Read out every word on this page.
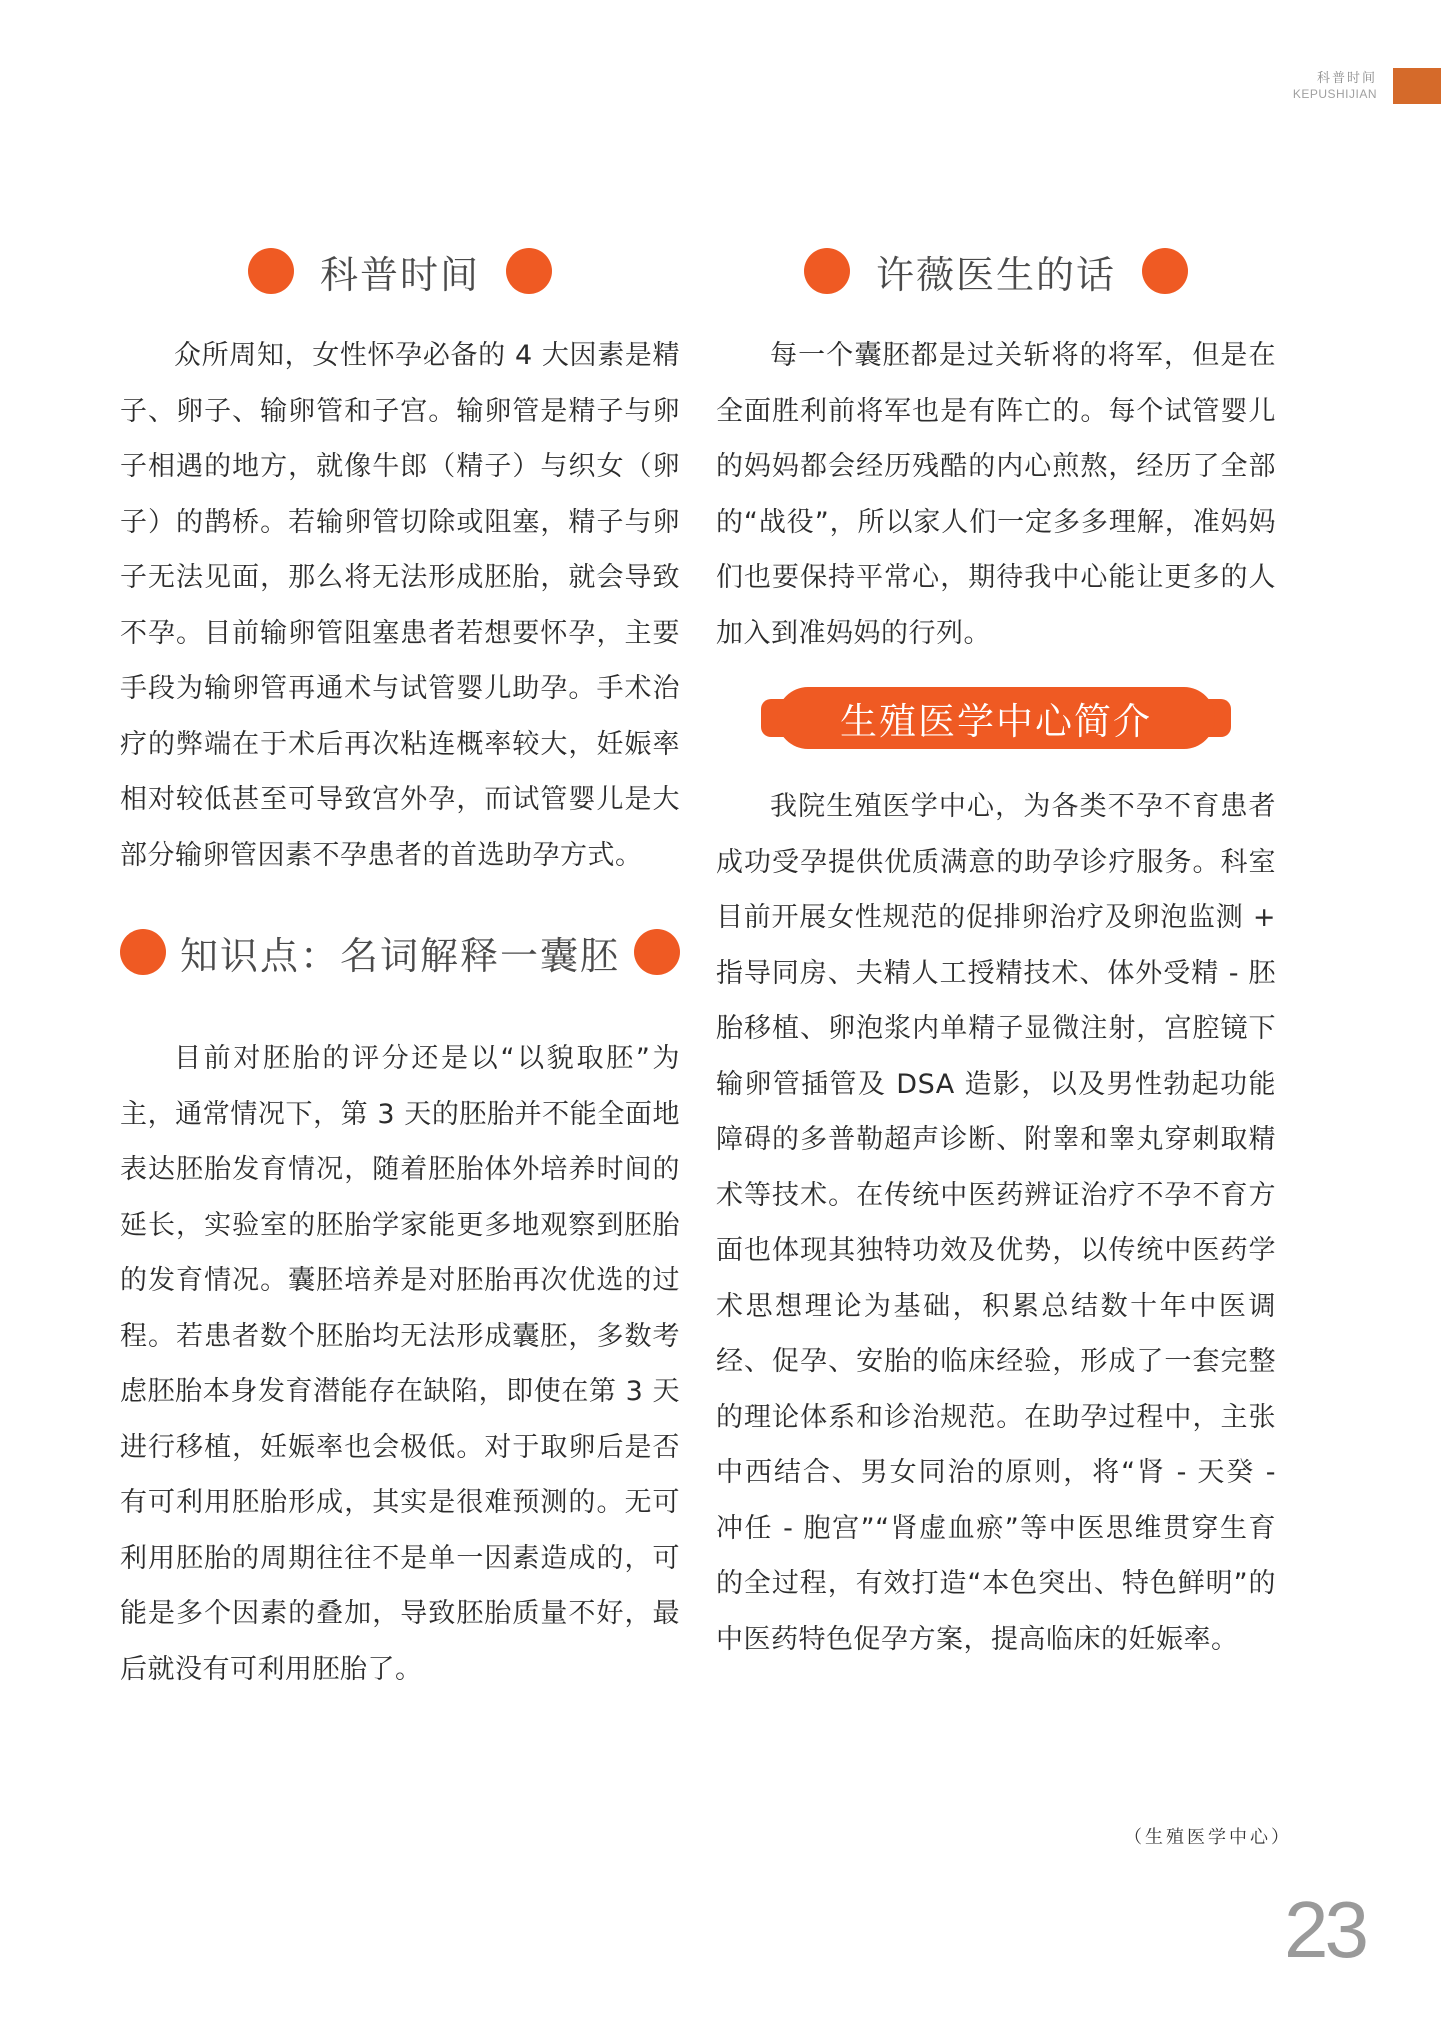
科普时间
KEPUSHIJIAN
科普时间

众所周知，女性怀孕必备的 4 大因素是精子、卵子、输卵管和子宫。输卵管是精子与卵子相遇的地方，就像牛郎（精子）与织女（卵子）的鹊桥。若输卵管切除或阻塞，精子与卵子无法见面，那么将无法形成胚胎，就会导致不孕。目前输卵管阻塞患者若想要怀孕，主要手段为输卵管再通术与试管婴儿助孕。手术治疗的弊端在于术后再次粘连概率较大，妊娠率相对较低甚至可导致宫外孕，而试管婴儿是大部分输卵管因素不孕患者的首选助孕方式。

知识点：名词解释一囊胚

目前对胚胎的评分还是以“以貌取胚”为主，通常情况下，第 3 天的胚胎并不能全面地表达胚胎发育情况，随着胚胎体外培养时间的延长，实验室的胚胎学家能更多地观察到胚胎的发育情况。囊胚培养是对胚胎再次优选的过程。若患者数个胚胎均无法形成囊胚，多数考虑胚胎本身发育潜能存在缺陷，即使在第 3 天进行移植，妊娠率也会极低。对于取卵后是否有可利用胚胎形成，其实是很难预测的。无可利用胚胎的周期往往不是单一因素造成的，可能是多个因素的叠加，导致胚胎质量不好，最后就没有可利用胚胎了。

许薇医生的话

每一个囊胚都是过关斩将的将军，但是在全面胜利前将军也是有阵亡的。每个试管婴儿的妈妈都会经历残酷的内心煎熬，经历了全部的“战役”，所以家人们一定多多理解，准妈妈们也要保持平常心，期待我中心能让更多的人加入到准妈妈的行列。

生殖医学中心简介

我院生殖医学中心，为各类不孕不育患者成功受孕提供优质满意的助孕诊疗服务。科室目前开展女性规范的促排卵治疗及卵泡监测 + 指导同房、夫精人工授精技术、体外受精 - 胚胎移植、卵泡浆内单精子显微注射，宫腔镜下输卵管插管及 DSA 造影，以及男性勃起功能障碍的多普勒超声诊断、附睾和睾丸穿刺取精术等技术。在传统中医药辨证治疗不孕不育方面也体现其独特功效及优势，以传统中医药学术思想理论为基础，积累总结数十年中医调经、促孕、安胎的临床经验，形成了一套完整的理论体系和诊治规范。在助孕过程中，主张中西结合、男女同治的原则，将“肾 - 天癸 - 冲任 - 胞宫”“肾虚血瘀”等中医思维贯穿生育的全过程，有效打造“本色突出、特色鲜明”的中医药特色促孕方案，提高临床的妊娠率。

（生殖医学中心）
23
